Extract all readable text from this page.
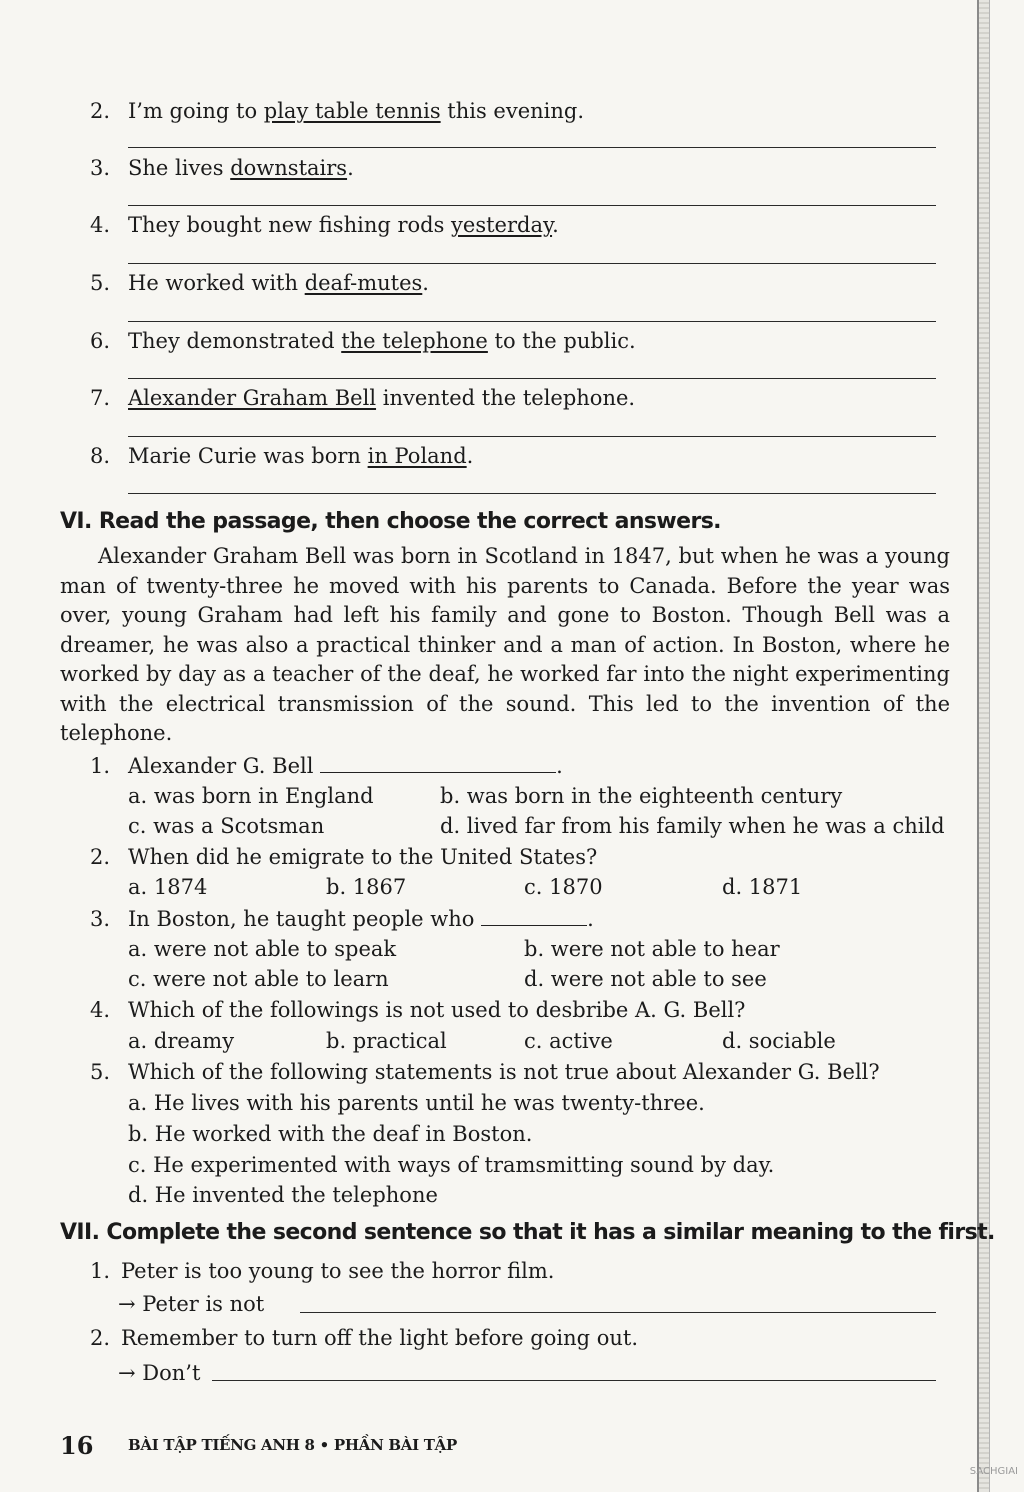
2. I’m going to play table tennis this evening.
3. She lives downstairs.
4. They bought new fishing rods yesterday.
5. He worked with deaf-mutes.
6. They demonstrated the telephone to the public.
7. Alexander Graham Bell invented the telephone.
8. Marie Curie was born in Poland.
VI. Read the passage, then choose the correct answers.
Alexander Graham Bell was born in Scotland in 1847, but when he was a young man of twenty-three he moved with his parents to Canada. Before the year was over, young Graham had left his family and gone to Boston. Though Bell was a dreamer, he was also a practical thinker and a man of action. In Boston, where he worked by day as a teacher of the deaf, he worked far into the night experimenting with the electrical transmission of the sound. This led to the invention of the telephone.
1. Alexander G. Bell	.
a. was born in England	b. was born in the eighteenth century
c. was a Scotsman	d. lived far from his family when he was a child
2. When did he emigrate to the United States?
a. 1874	b. 1867	c. 1870	d. 1871
3. In Boston, he taught people who	.
a. were not able to speak	b. were not able to hear
c. were not able to learn	d. were not able to see
4. Which of the followings is not used to desbribe A. G. Bell?
a. dreamy	b. practical	c. active	d. sociable
5. Which of the following statements is not true about Alexander G. Bell?
a. He lives with his parents until he was twenty-three.
b. He worked with the deaf in Boston.
c. He experimented with ways of tramsmitting sound by day.
d. He invented the telephone
VII. Complete the second sentence so that it has a similar meaning to the first.
1. Peter is too young to see the horror film.
→ Peter is not
2. Remember to turn off the light before going out.
→ Don’t
16 BÀI TẬP TIẾNG ANH 8 • PHẦN BÀI TẬP
SACHGIAI
